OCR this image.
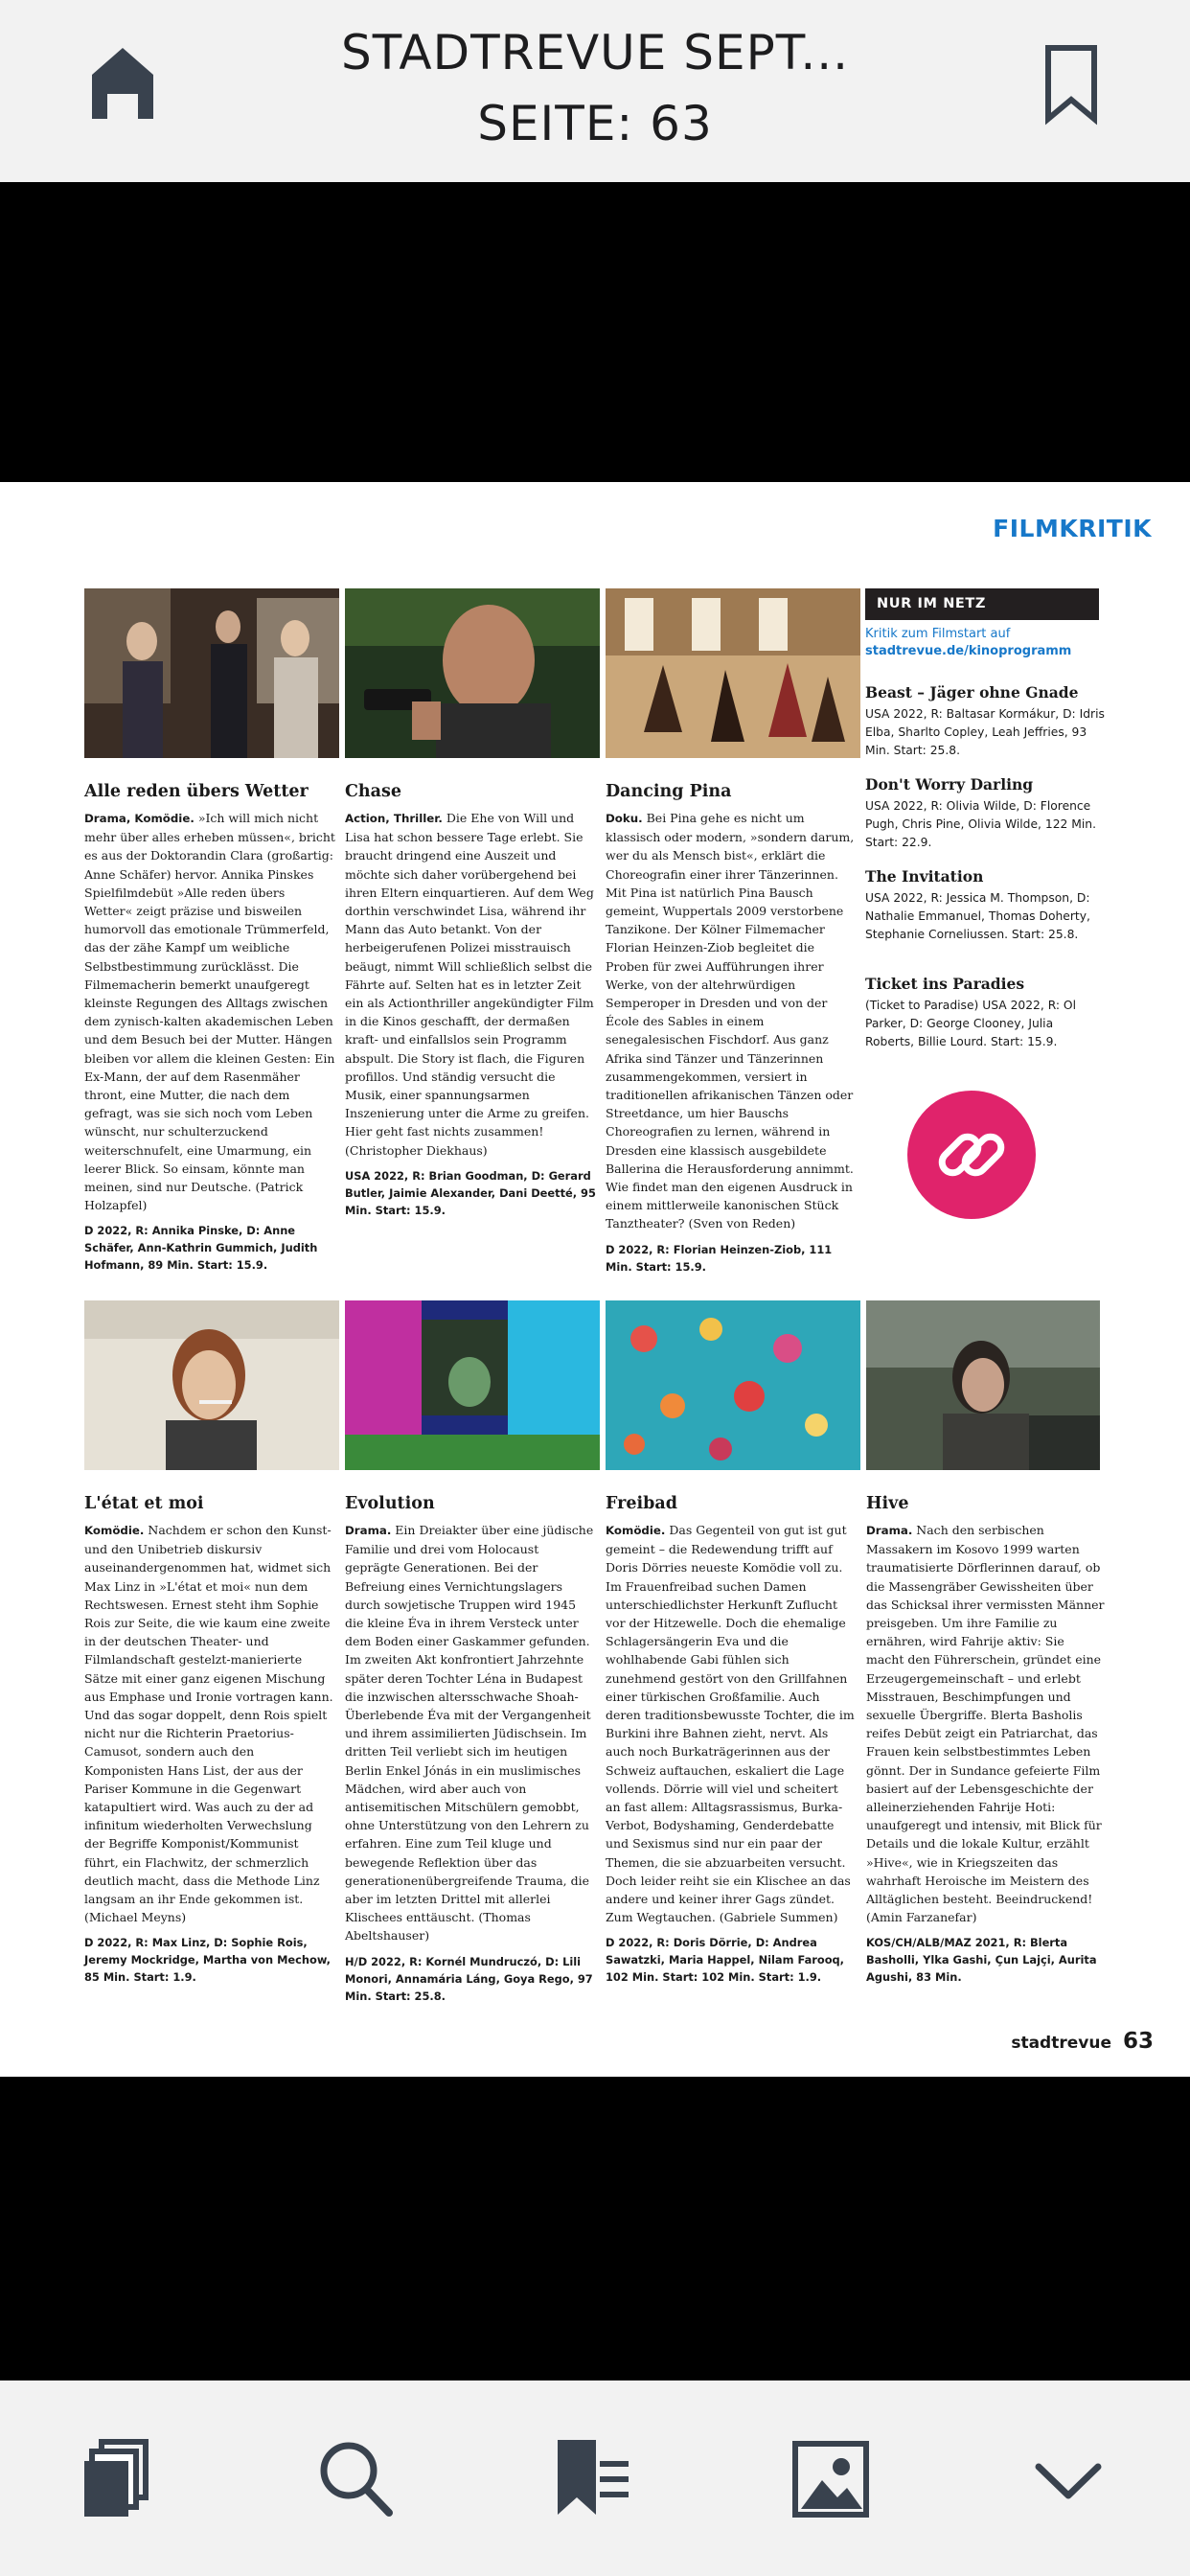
STADTREVUE SEPT...
SEITE: 63
FILMKRITIK
Alle reden übers Wetter
Drama, Komödie. »Ich will mich nicht mehr über alles erheben müssen«, bricht es aus der Doktorandin Clara (großartig: Anne Schäfer) hervor. Annika Pinskes Spielfilmdebüt »Alle reden übers Wetter« zeigt präzise und bisweilen humorvoll das emotionale Trümmerfeld, das der zähe Kampf um weibliche Selbstbestimmung zurücklässt. Die Filmemacherin bemerkt unaufgeregt kleinste Regungen des Alltags zwischen dem zynisch-kalten akademischen Leben und dem Besuch bei der Mutter. Hängen bleiben vor allem die kleinen Gesten: Ein Ex-Mann, der auf dem Rasenmäher thront, eine Mutter, die nach dem gefragt, was sie sich noch vom Leben wünscht, nur schulterzuckend weiterschnufelt, eine Umarmung, ein leerer Blick. So einsam, könnte man meinen, sind nur Deutsche. (Patrick Holzapfel)
D 2022, R: Annika Pinske, D: Anne Schäfer, Ann-Kathrin Gummich, Judith Hofmann, 89 Min. Start: 15.9.
Chase
Action, Thriller. Die Ehe von Will und Lisa hat schon bessere Tage erlebt. Sie braucht dringend eine Auszeit und möchte sich daher vorübergehend bei ihren Eltern einquartieren. Auf dem Weg dorthin verschwindet Lisa, während ihr Mann das Auto betankt. Von der herbeigerufenen Polizei misstrauisch beäugt, nimmt Will schließlich selbst die Fährte auf. Selten hat es in letzter Zeit ein als Actionthriller angekündigter Film in die Kinos geschafft, der dermaßen kraft- und einfallslos sein Programm abspult. Die Story ist flach, die Figuren profillos. Und ständig versucht die Musik, einer spannungsarmen Inszenierung unter die Arme zu greifen. Hier geht fast nichts zusammen! (Christopher Diekhaus)
USA 2022, R: Brian Goodman, D: Gerard Butler, Jaimie Alexander, Dani Deetté, 95 Min. Start: 15.9.
Dancing Pina
Doku. Bei Pina gehe es nicht um klassisch oder modern, »sondern darum, wer du als Mensch bist«, erklärt die Choreografin einer ihrer Tänzerinnen. Mit Pina ist natürlich Pina Bausch gemeint, Wuppertals 2009 verstorbene Tanzikone. Der Kölner Filmemacher Florian Heinzen-Ziob begleitet die Proben für zwei Aufführungen ihrer Werke, von der altehrwürdigen Semperoper in Dresden und von der École des Sables in einem senegalesischen Fischdorf. Aus ganz Afrika sind Tänzer und Tänzerinnen zusammengekommen, versiert in traditionellen afrikanischen Tänzen oder Streetdance, um hier Bauschs Choreografien zu lernen, während in Dresden eine klassisch ausgebildete Ballerina die Herausforderung annimmt. Wie findet man den eigenen Ausdruck in einem mittlerweile kanonischen Stück Tanztheater? (Sven von Reden)
D 2022, R: Florian Heinzen-Ziob, 111 Min. Start: 15.9.
NUR IM NETZ
Kritik zum Filmstart auf
stadtrevue.de/kinoprogramm
Beast – Jäger ohne Gnade

USA 2022, R: Baltasar Kormákur, D: Idris Elba, Sharlto Copley, Leah Jeffries, 93 Min. Start: 25.8.

Don't Worry Darling

USA 2022, R: Olivia Wilde, D: Florence Pugh, Chris Pine, Olivia Wilde, 122 Min. Start: 22.9.

The Invitation

USA 2022, R: Jessica M. Thompson, D: Nathalie Emmanuel, Thomas Doherty, Stephanie Corneliussen. Start: 25.8.

Ticket ins Paradies

(Ticket to Paradise) USA 2022, R: Ol Parker, D: George Clooney, Julia Roberts, Billie Lourd. Start: 15.9.

L'état et moi
Komödie. Nachdem er schon den Kunst- und den Unibetrieb diskursiv auseinandergenommen hat, widmet sich Max Linz in »L'état et moi« nun dem Rechtswesen. Ernest steht ihm Sophie Rois zur Seite, die wie kaum eine zweite in der deutschen Theater- und Filmlandschaft gestelzt-manierierte Sätze mit einer ganz eigenen Mischung aus Emphase und Ironie vortragen kann. Und das sogar doppelt, denn Rois spielt nicht nur die Richterin Praetorius-Camusot, sondern auch den Komponisten Hans List, der aus der Pariser Kommune in die Gegenwart katapultiert wird. Was auch zu der ad infinitum wiederholten Verwechslung der Begriffe Komponist/Kommunist führt, ein Flachwitz, der schmerzlich deutlich macht, dass die Methode Linz langsam an ihr Ende gekommen ist. (Michael Meyns)
D 2022, R: Max Linz, D: Sophie Rois, Jeremy Mockridge, Martha von Mechow, 85 Min. Start: 1.9.
Evolution
Drama. Ein Dreiakter über eine jüdische Familie und drei vom Holocaust geprägte Generationen. Bei der Befreiung eines Vernichtungslagers durch sowjetische Truppen wird 1945 die kleine Éva in ihrem Versteck unter dem Boden einer Gaskammer gefunden. Im zweiten Akt konfrontiert Jahrzehnte später deren Tochter Léna in Budapest die inzwischen altersschwache Shoah-Überlebende Éva mit der Vergangenheit und ihrem assimilierten Jüdischsein. Im dritten Teil verliebt sich im heutigen Berlin Enkel Jónás in ein muslimisches Mädchen, wird aber auch von antisemitischen Mitschülern gemobbt, ohne Unterstützung von den Lehrern zu erfahren. Eine zum Teil kluge und bewegende Reflektion über das generationenübergreifende Trauma, die aber im letzten Drittel mit allerlei Klischees enttäuscht. (Thomas Abeltshauser)
H/D 2022, R: Kornél Mundruczó, D: Lili Monori, Annamária Láng, Goya Rego, 97 Min. Start: 25.8.
Freibad
Komödie. Das Gegenteil von gut ist gut gemeint – die Redewendung trifft auf Doris Dörries neueste Komödie voll zu. Im Frauenfreibad suchen Damen unterschiedlichster Herkunft Zuflucht vor der Hitzewelle. Doch die ehemalige Schlagersängerin Eva und die wohlhabende Gabi fühlen sich zunehmend gestört von den Grillfahnen einer türkischen Großfamilie. Auch deren traditionsbewusste Tochter, die im Burkini ihre Bahnen zieht, nervt. Als auch noch Burkaträgerinnen aus der Schweiz auftauchen, eskaliert die Lage vollends. Dörrie will viel und scheitert an fast allem: Alltagsrassismus, Burka-Verbot, Bodyshaming, Genderdebatte und Sexismus sind nur ein paar der Themen, die sie abzuarbeiten versucht. Doch leider reiht sie ein Klischee an das andere und keiner ihrer Gags zündet. Zum Wegtauchen. (Gabriele Summen)
D 2022, R: Doris Dörrie, D: Andrea Sawatzki, Maria Happel, Nilam Farooq, 102 Min. Start: 102 Min. Start: 1.9.
Hive
Drama. Nach den serbischen Massakern im Kosovo 1999 warten traumatisierte Dörflerinnen darauf, ob die Massengräber Gewissheiten über das Schicksal ihrer vermissten Männer preisgeben. Um ihre Familie zu ernähren, wird Fahrije aktiv: Sie macht den Führerschein, gründet eine Erzeugergemeinschaft – und erlebt Misstrauen, Beschimpfungen und sexuelle Übergriffe. Blerta Basholis reifes Debüt zeigt ein Patriarchat, das Frauen kein selbstbestimmtes Leben gönnt. Der in Sundance gefeierte Film basiert auf der Lebensgeschichte der alleinerziehenden Fahrije Hoti: unaufgeregt und intensiv, mit Blick für Details und die lokale Kultur, erzählt »Hive«, wie in Kriegszeiten das wahrhaft Heroische im Meistern des Alltäglichen besteht. Beeindruckend! (Amin Farzanefar)
KOS/CH/ALB/MAZ 2021, R: Blerta Basholli, Ylka Gashi, Çun Lajçi, Aurita Agushi, 83 Min.
stadtrevue 63
